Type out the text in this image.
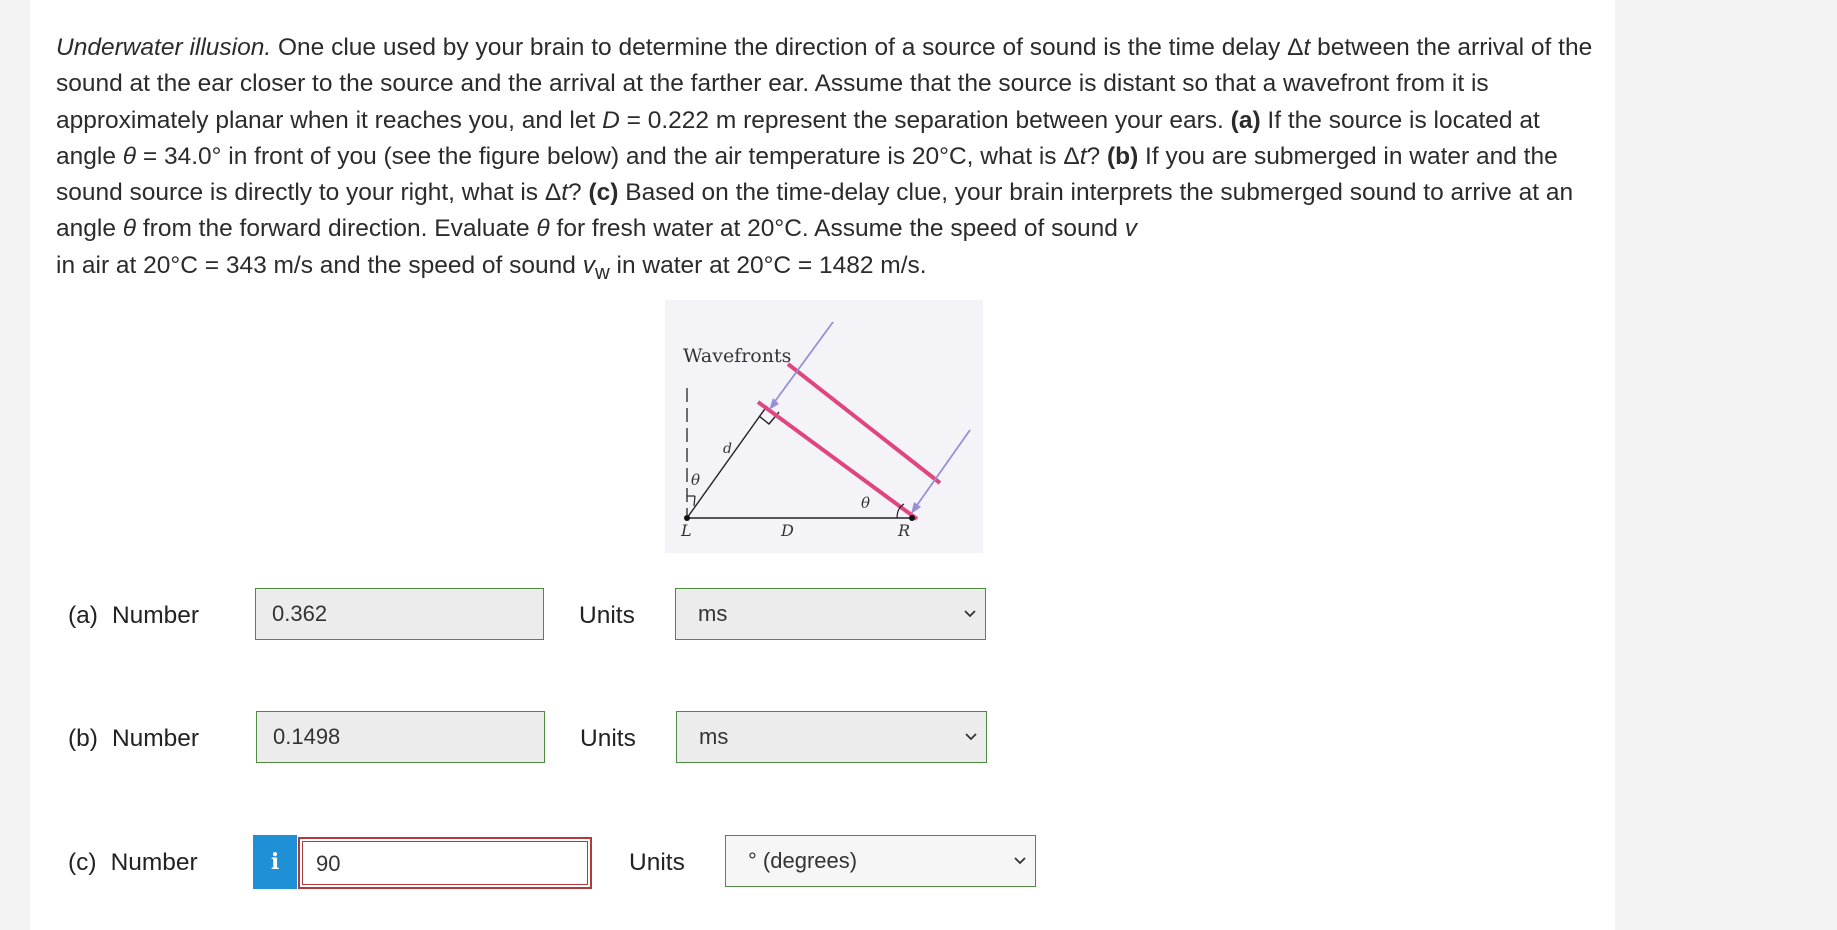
Underwater illusion. One clue used by your brain to determine the direction of a source of sound is the time delay Δt between the arrival of the sound at the ear closer to the source and the arrival at the farther ear. Assume that the source is distant so that a wavefront from it is approximately planar when it reaches you, and let D = 0.222 m represent the separation between your ears. (a) If the source is located at angle θ = 34.0° in front of you (see the figure below) and the air temperature is 20°C, what is Δt? (b) If you are submerged in water and the sound source is directly to your right, what is Δt? (c) Based on the time-delay clue, your brain interprets the submerged sound to arrive at an angle θ from the forward direction. Evaluate θ for fresh water at 20°C. Assume the speed of sound v
in air at 20°C = 343 m/s and the speed of sound $v_w$ in water at 20°C = 1482 m/s.
Wavefronts
d
θ
θ
L	D	R
(a) Number	0.362	Units	ms
(b) Number	0.1498	Units	ms
(c) Number	i	90	Units	° (degrees)
